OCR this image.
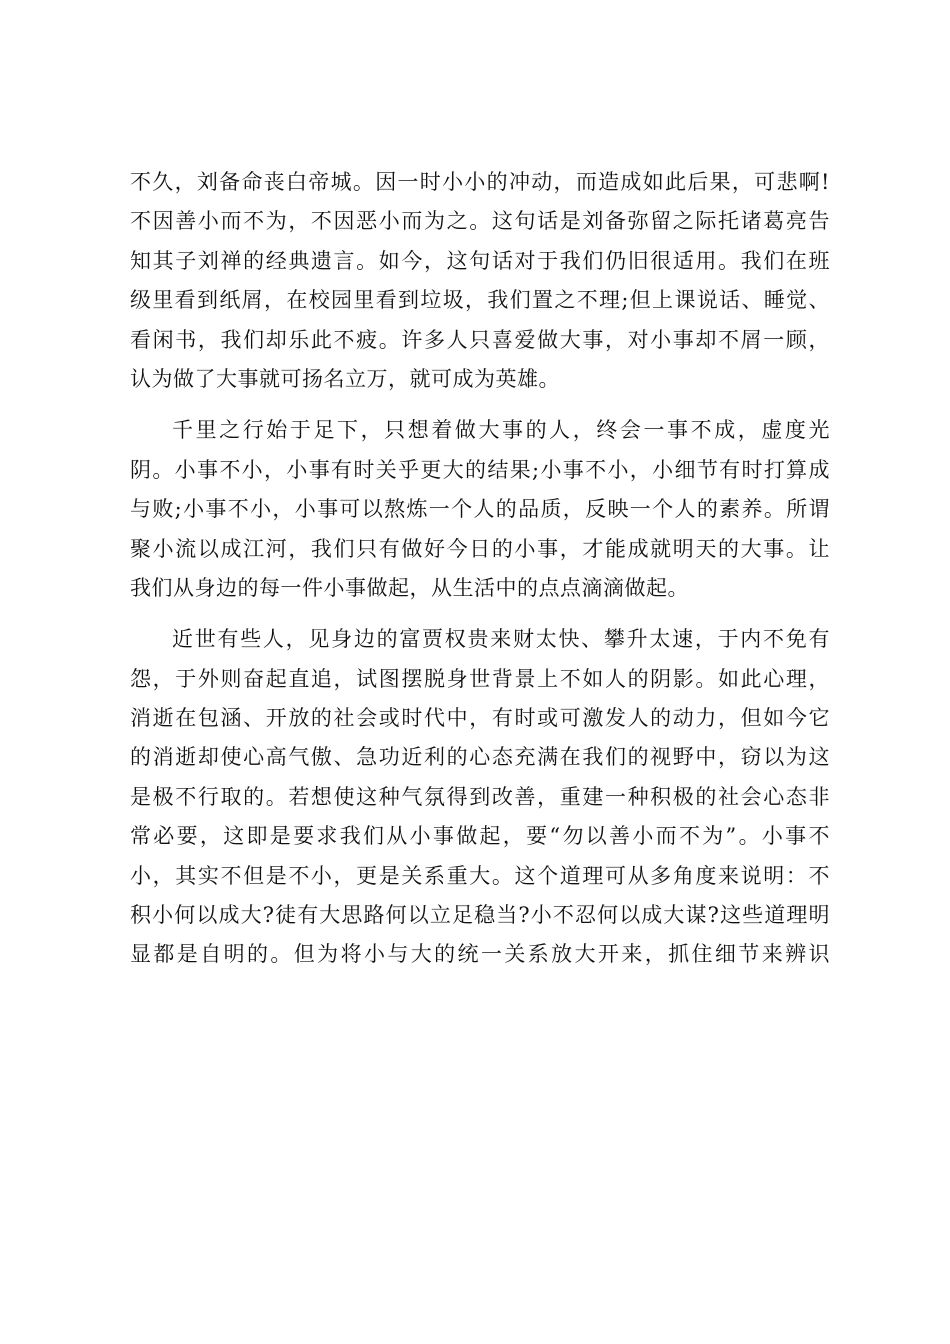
不久，刘备命丧白帝城。因一时小小的冲动，而造成如此后果，可悲啊!
不因善小而不为，不因恶小而为之。这句话是刘备弥留之际托诸葛亮告
知其子刘禅的经典遗言。如今，这句话对于我们仍旧很适用。我们在班
级里看到纸屑，在校园里看到垃圾，我们置之不理;但上课说话、睡觉、
看闲书，我们却乐此不疲。许多人只喜爱做大事，对小事却不屑一顾，
认为做了大事就可扬名立万，就可成为英雄。
千里之行始于足下，只想着做大事的人，终会一事不成，虚度光
阴。小事不小，小事有时关乎更大的结果;小事不小，小细节有时打算成
与败;小事不小，小事可以熬炼一个人的品质，反映一个人的素养。所谓
聚小流以成江河，我们只有做好今日的小事，才能成就明天的大事。让
我们从身边的每一件小事做起，从生活中的点点滴滴做起。
近世有些人，见身边的富贾权贵来财太快、攀升太速，于内不免有
怨，于外则奋起直追，试图摆脱身世背景上不如人的阴影。如此心理，
消逝在包涵、开放的社会或时代中，有时或可激发人的动力，但如今它
的消逝却使心高气傲、急功近利的心态充满在我们的视野中，窃以为这
是极不行取的。若想使这种气氛得到改善，重建一种积极的社会心态非
常必要，这即是要求我们从小事做起，要“勿以善小而不为”。小事不
小，其实不但是不小，更是关系重大。这个道理可从多角度来说明：不
积小何以成大?徒有大思路何以立足稳当?小不忍何以成大谋?这些道理明
显都是自明的。但为将小与大的统一关系放大开来，抓住细节来辨识
